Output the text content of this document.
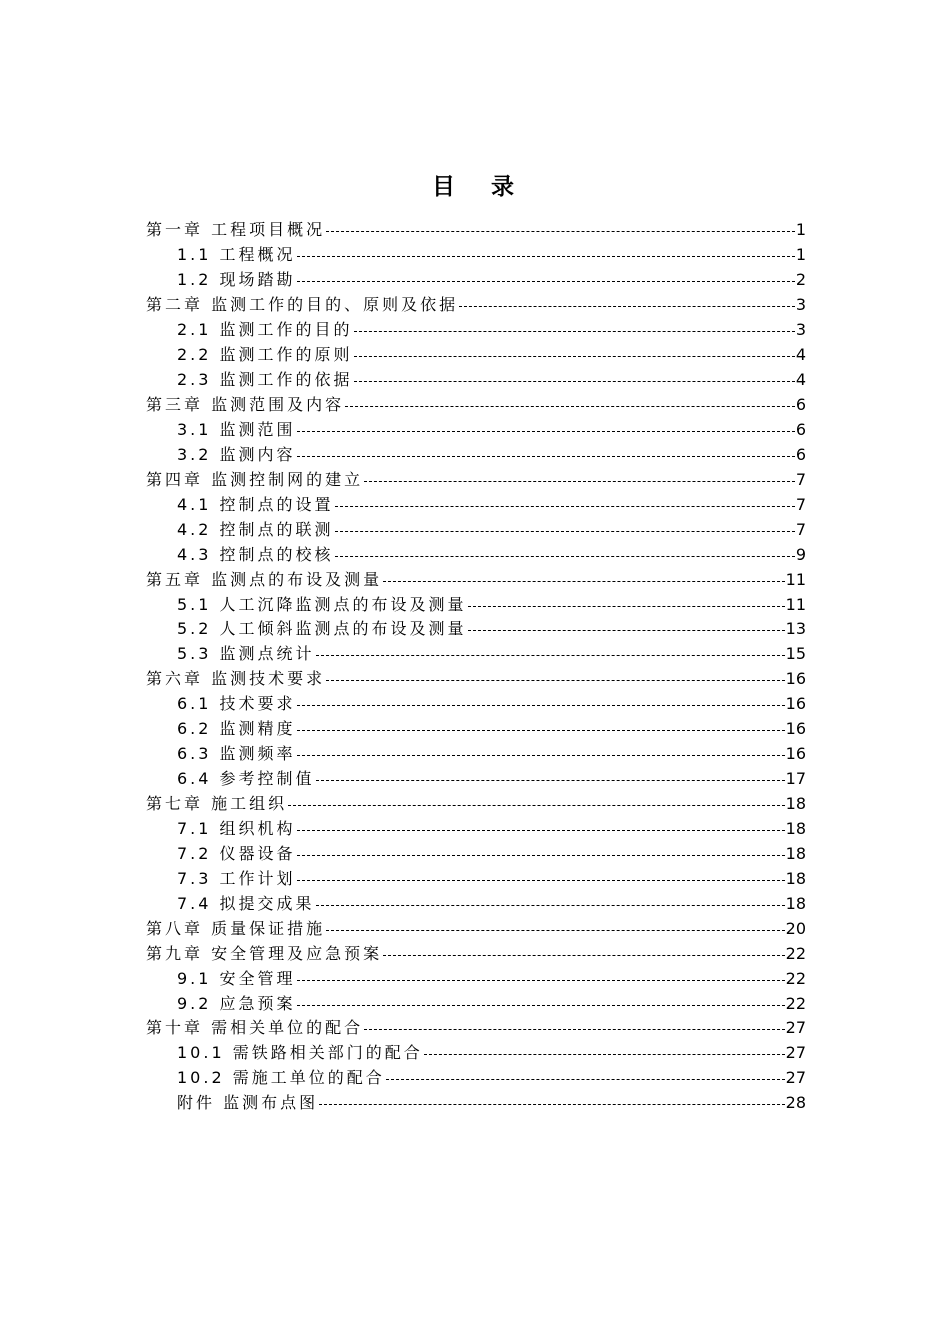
目 录
第一章 工程项目概况	1
1.1 工程概况	1
1.2 现场踏勘	2
第二章 监测工作的目的、原则及依据	3
2.1 监测工作的目的	3
2.2 监测工作的原则	4
2.3 监测工作的依据	4
第三章 监测范围及内容	6
3.1 监测范围	6
3.2 监测内容	6
第四章 监测控制网的建立	7
4.1 控制点的设置	7
4.2 控制点的联测	7
4.3 控制点的校核	9
第五章 监测点的布设及测量	11
5.1 人工沉降监测点的布设及测量	11
5.2 人工倾斜监测点的布设及测量	13
5.3 监测点统计	15
第六章 监测技术要求	16
6.1 技术要求	16
6.2 监测精度	16
6.3 监测频率	16
6.4 参考控制值	17
第七章 施工组织	18
7.1 组织机构	18
7.2 仪器设备	18
7.3 工作计划	18
7.4 拟提交成果	18
第八章 质量保证措施	20
第九章 安全管理及应急预案	22
9.1 安全管理	22
9.2 应急预案	22
第十章 需相关单位的配合	27
10.1 需铁路相关部门的配合	27
10.2 需施工单位的配合	27
附件 监测布点图	28
